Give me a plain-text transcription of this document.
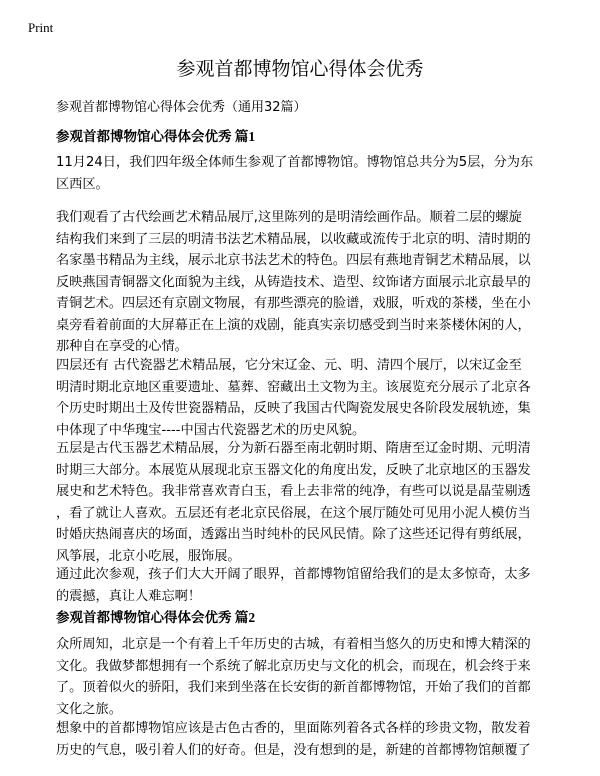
Print
参观首都博物馆心得体会优秀
参观首都博物馆心得体会优秀（通用32篇）
参观首都博物馆心得体会优秀 篇1

11月24日，我们四年级全体师生参观了首都博物馆。博物馆总共分为5层，分为东

区西区。

我们观看了古代绘画艺术精品展厅,这里陈列的是明清绘画作品。顺着二层的螺旋

结构我们来到了三层的明清书法艺术精品展，以收藏或流传于北京的明、清时期的

名家墨书精品为主线，展示北京书法艺术的特色。四层有燕地青铜艺术精品展，以

反映燕国青铜器文化面貌为主线，从铸造技术、造型、纹饰诸方面展示北京最早的

青铜艺术。四层还有京剧文物展，有那些漂亮的脸谱，戏服，听戏的茶楼，坐在小

桌旁看着前面的大屏幕正在上演的戏剧，能真实亲切感受到当时来茶楼休闲的人，

那种自在享受的心情。

四层还有 古代瓷器艺术精品展，它分宋辽金、元、明、清四个展厅，以宋辽金至

明清时期北京地区重要遗址、墓葬、窑藏出土文物为主。该展览充分展示了北京各

个历史时期出土及传世瓷器精品，反映了我国古代陶瓷发展史各阶段发展轨迹，集

中体现了中华瑰宝----中国古代瓷器艺术的历史风貌。

五层是古代玉器艺术精品展，分为新石器至南北朝时期、隋唐至辽金时期、元明清

时期三大部分。本展览从展现北京玉器文化的角度出发，反映了北京地区的玉器发

展史和艺术特色。我非常喜欢青白玉，看上去非常的纯净，有些可以说是晶莹剔透

，看了就让人喜欢。五层还有老北京民俗展，在这个展厅随处可见用小泥人模仿当

时婚庆热闹喜庆的场面，透露出当时纯朴的民风民情。除了这些还记得有剪纸展，

风筝展，北京小吃展，服饰展。

通过此次参观，孩子们大大开阔了眼界，首都博物馆留给我们的是太多惊奇，太多

的震撼，真让人难忘啊！

参观首都博物馆心得体会优秀 篇2

众所周知，北京是一个有着上千年历史的古城，有着相当悠久的历史和博大精深的

文化。我做梦都想拥有一个系统了解北京历史与文化的机会，而现在，机会终于来

了。顶着似火的骄阳，我们来到坐落在长安街的新首都博物馆，开始了我们的首都

文化之旅。

想象中的首都博物馆应该是古色古香的，里面陈列着各式各样的珍贵文物，散发着

历史的气息，吸引着人们的好奇。但是，没有想到的是，新建的首都博物馆颠覆了
